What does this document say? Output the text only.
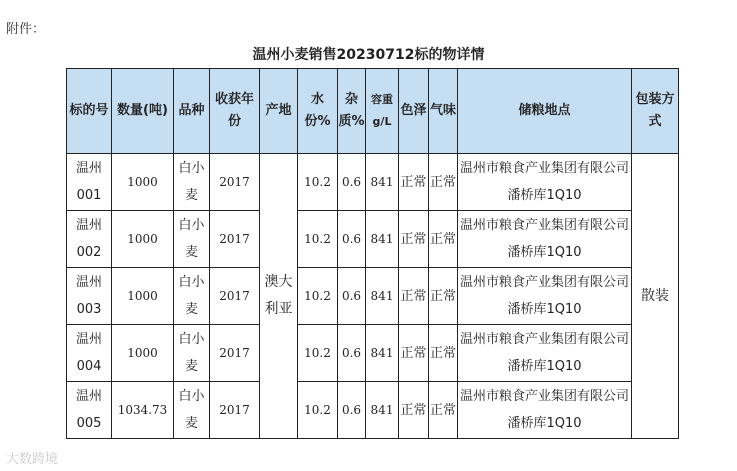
附件：
温州小麦销售20230712标的物详情
标的号	数量(吨)	品种	收获年份	产地	水份%	杂质%	容重g/L	色泽	气味	储粮地点	包装方式
温州001	1000	白小麦	2017	澳大利亚	10.2	0.6	841	正常	正常	温州市粮食产业集团有限公司潘桥库1Q10	散装
温州002	1000	白小麦	2017		10.2	0.6	841	正常	正常	温州市粮食产业集团有限公司潘桥库1Q10	
温州003	1000	白小麦	2017		10.2	0.6	841	正常	正常	温州市粮食产业集团有限公司潘桥库1Q10	
温州004	1000	白小麦	2017		10.2	0.6	841	正常	正常	温州市粮食产业集团有限公司潘桥库1Q10	
温州005	1034.73	白小麦	2017		10.2	0.6	841	正常	正常	温州市粮食产业集团有限公司潘桥库1Q10	
大数跨境
